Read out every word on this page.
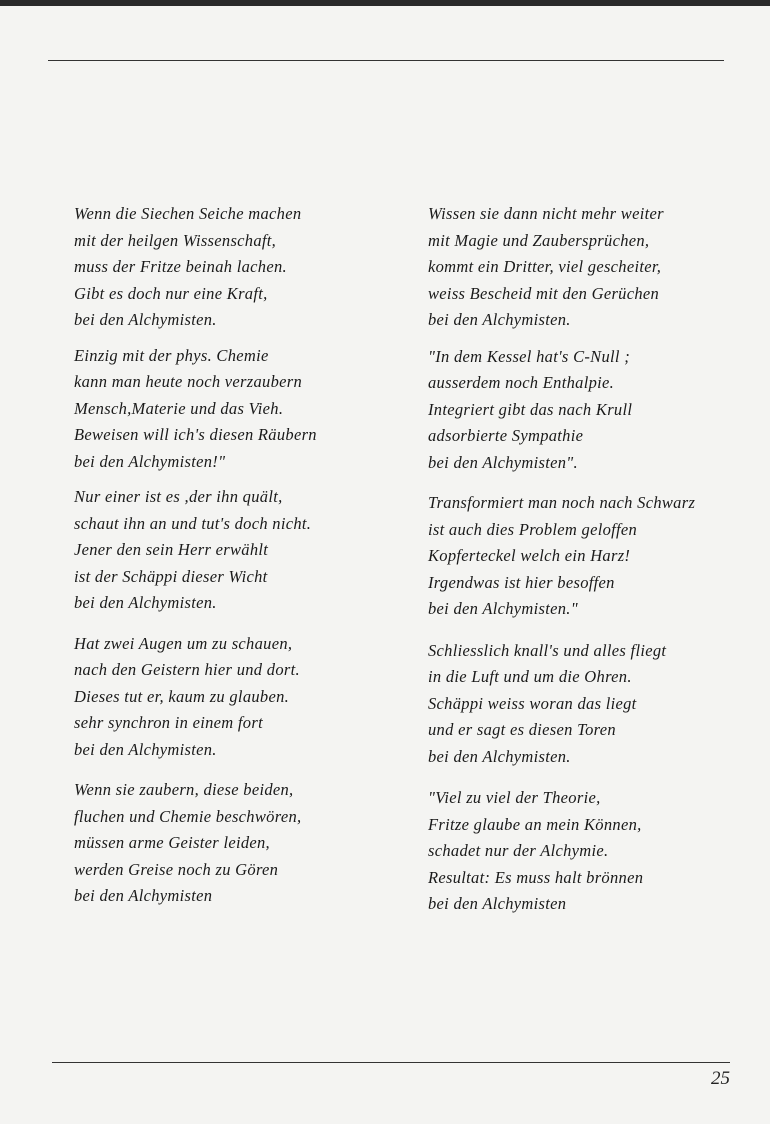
Wenn die Siechen Seiche machen
mit der heilgen Wissenschaft,
muss der Fritze beinah lachen.
Gibt es doch nur eine Kraft,
bei den Alchymisten.
Einzig mit der phys. Chemie
kann man heute noch verzaubern
Mensch,Materie und das Vieh.
Beweisen will ich's diesen Räubern
bei den Alchymisten!"
Nur einer ist es ,der ihn quält,
schaut ihn an und tut's doch nicht.
Jener den sein Herr erwählt
ist der Schäppi dieser Wicht
bei den Alchymisten.
Hat zwei Augen um zu schauen,
nach den Geistern hier und dort.
Dieses tut er, kaum zu glauben.
sehr synchron in einem fort
bei den Alchymisten.
Wenn sie zaubern, diese beiden,
fluchen und Chemie beschwören,
müssen arme Geister leiden,
werden Greise noch zu Gören
bei den Alchymisten
Wissen sie dann nicht mehr weiter
mit Magie und Zaubersprüchen,
kommt ein Dritter, viel gescheiter,
weiss Bescheid mit den Gerüchen
bei den Alchymisten.
"In dem Kessel hat's C-Null ;
ausserdem noch Enthalpie.
Integriert gibt das nach Krull
adsorbierte Sympathie
bei den Alchymisten".
Transformiert man noch nach Schwarz
ist auch dies Problem geloffen
Kopferteckel welch ein Harz!
Irgendwas ist hier besoffen
bei den Alchymisten."
Schliesslich knall's und alles fliegt
in die Luft und um die Ohren.
Schäppi weiss woran das liegt
und er sagt es diesen Toren
bei den Alchymisten.
"Viel zu viel der Theorie,
Fritze glaube an mein Können,
schadet nur der Alchymie.
Resultat: Es muss halt brönnen
bei den Alchymisten
25
